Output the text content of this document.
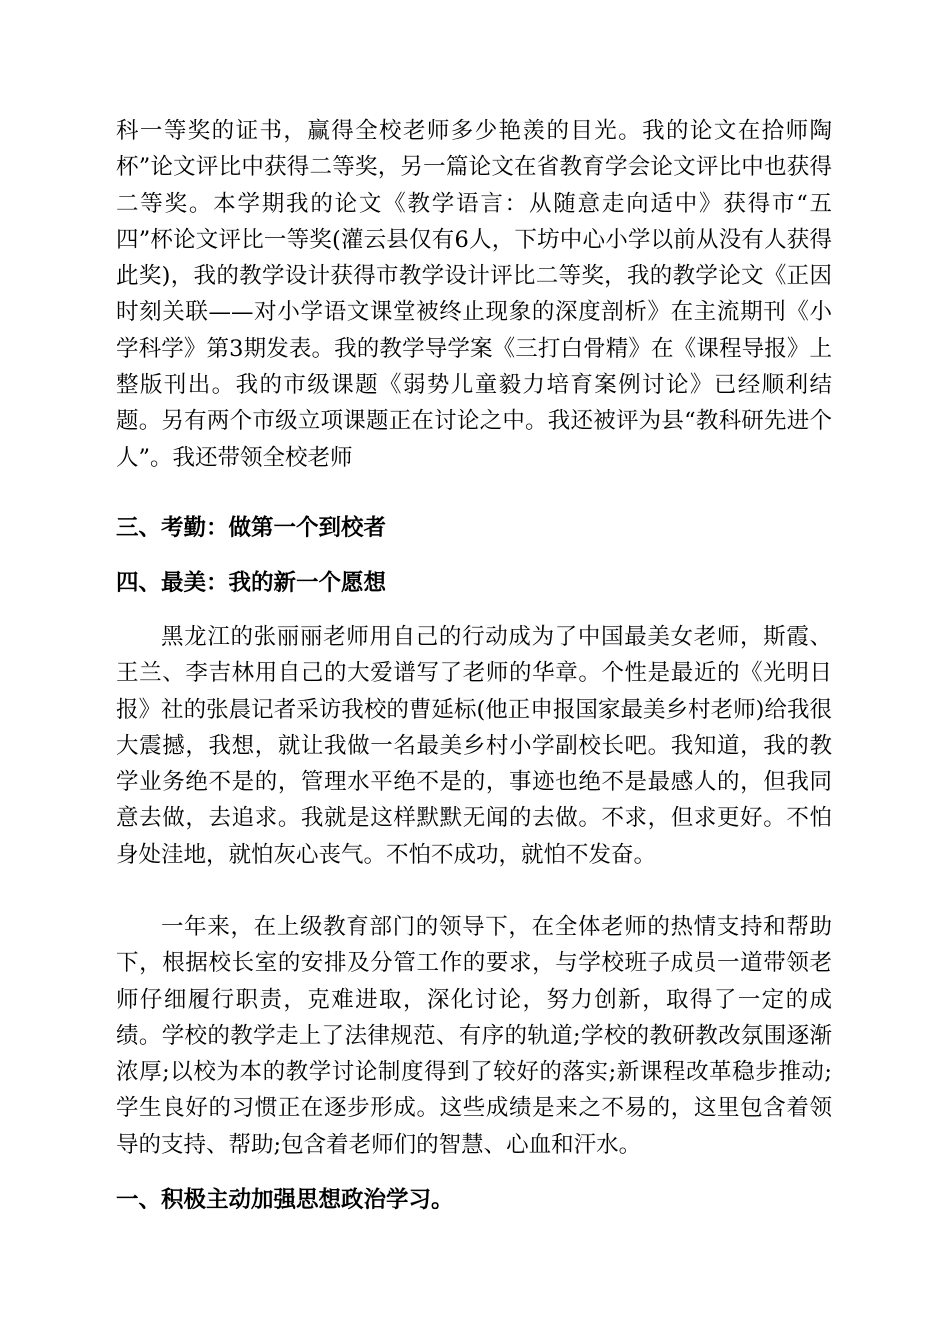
科一等奖的证书，赢得全校老师多少艳羡的目光。我的论文在拾师陶杯”论文评比中获得二等奖，另一篇论文在省教育学会论文评比中也获得二等奖。本学期我的论文《教学语言：从随意走向适中》获得市“五四”杯论文评比一等奖(灌云县仅有6人，下坊中心小学以前从没有人获得此奖)，我的教学设计获得市教学设计评比二等奖，我的教学论文《正因时刻关联——对小学语文课堂被终止现象的深度剖析》在主流期刊《小学科学》第3期发表。我的教学导学案《三打白骨精》在《课程导报》上整版刊出。我的市级课题《弱势儿童毅力培育案例讨论》已经顺利结题。另有两个市级立项课题正在讨论之中。我还被评为县“教科研先进个人”。我还带领全校老师

三、考勤：做第一个到校者

四、最美：我的新一个愿想

黑龙江的张丽丽老师用自己的行动成为了中国最美女老师，斯霞、王兰、李吉林用自己的大爱谱写了老师的华章。个性是最近的《光明日报》社的张晨记者采访我校的曹延标(他正申报国家最美乡村老师)给我很大震撼，我想，就让我做一名最美乡村小学副校长吧。我知道，我的教学业务绝不是的，管理水平绝不是的，事迹也绝不是最感人的，但我同意去做，去追求。我就是这样默默无闻的去做。不求，但求更好。不怕身处洼地，就怕灰心丧气。不怕不成功，就怕不发奋。

一年来，在上级教育部门的领导下，在全体老师的热情支持和帮助下，根据校长室的安排及分管工作的要求，与学校班子成员一道带领老师仔细履行职责，克难进取，深化讨论，努力创新，取得了一定的成绩。学校的教学走上了法律规范、有序的轨道;学校的教研教改氛围逐渐浓厚;以校为本的教学讨论制度得到了较好的落实;新课程改革稳步推动;学生良好的习惯正在逐步形成。这些成绩是来之不易的，这里包含着领导的支持、帮助;包含着老师们的智慧、心血和汗水。

一、积极主动加强思想政治学习。
